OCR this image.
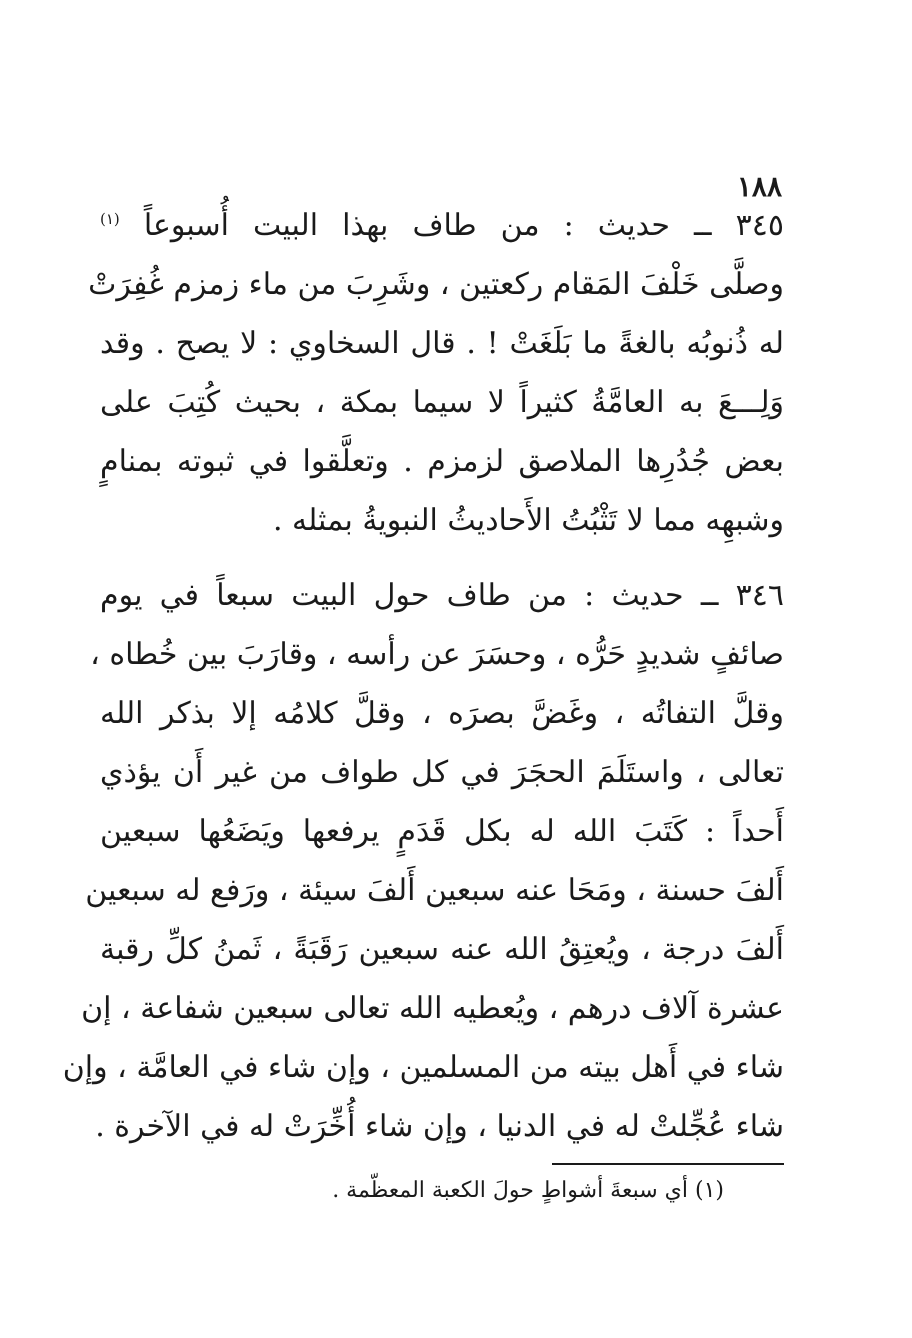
١٨٨
٣٤٥ ــ حديث : من طاف بهذا البيت أُسبوعاً $^{(١)}$
وصلَّى خَلْفَ المَقام ركعتين ، وشَرِبَ من ماء زمزم غُفِرَتْ
له ذُنوبُه بالغةً ما بَلَغَتْ ! . قال السخاوي : لا يصح . وقد
وَلِـــعَ به العامَّةُ كثيراً لا سيما بمكة ، بحيث كُتِبَ على
بعض جُدُرِها الملاصق لزمزم . وتعلَّقوا في ثبوته بمنامٍ
وشبهِه مما لا تَثْبُتُ الأَحاديثُ النبويةُ بمثله .
٣٤٦ ــ حديث : من طاف حول البيت سبعاً في يوم
صائفٍ شديدٍ حَرُّه ، وحسَرَ عن رأسه ، وقارَبَ بين خُطاه ،
وقلَّ التفاتُه ، وغَضَّ بصرَه ، وقلَّ كلامُه إلا بذكر الله
تعالى ، واستَلَمَ الحجَرَ في كل طواف من غير أَن يؤذي
أَحداً : كَتَبَ الله له بكل قَدَمٍ يرفعها ويَضَعُها سبعين
أَلفَ حسنة ، ومَحَا عنه سبعين أَلفَ سيئة ، ورَفع له سبعين
أَلفَ درجة ، ويُعتِقُ الله عنه سبعين رَقَبَةً ، ثَمنُ كلِّ رقبة
عشرة آلاف درهم ، ويُعطيه الله تعالى سبعين شفاعة ، إن
شاء في أَهل بيته من المسلمين ، وإن شاء في العامَّة ، وإن
شاء عُجِّلتْ له في الدنيا ، وإن شاء أُخِّرَتْ له في الآخرة .
(١) أي سبعةَ أشواطٍ حولَ الكعبة المعظّمة .
